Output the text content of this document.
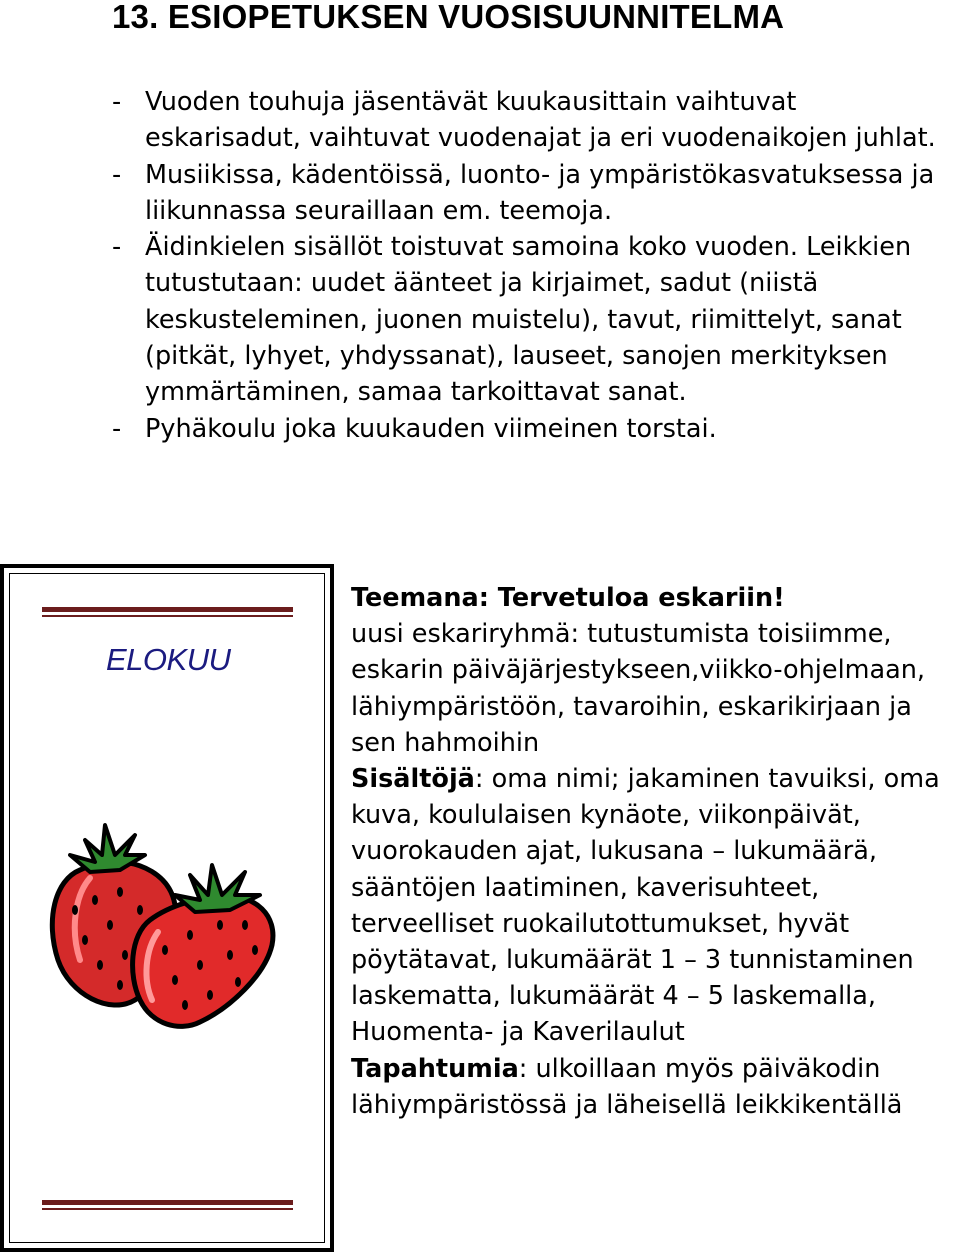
13. ESIOPETUKSEN VUOSISUUNNITELMA
- Vuoden touhuja jäsentävät kuukausittain vaihtuvat eskarisadut, vaihtuvat vuodenajat ja eri vuodenaikojen juhlat.
- Musiikissa, kädentöissä, luonto- ja ympäristökasvatuksessa ja liikunnassa seuraillaan em. teemoja.
- Äidinkielen sisällöt toistuvat samoina koko vuoden. Leikkien tutustutaan: uudet äänteet ja kirjaimet, sadut (niistä keskusteleminen, juonen muistelu), tavut, riimittelyt, sanat (pitkät, lyhyet, yhdyssanat), lauseet, sanojen merkityksen ymmärtäminen, samaa tarkoittavat sanat.
- Pyhäkoulu joka kuukauden viimeinen torstai.
ELOKUU
Teemana: Tervetuloa eskariin!
uusi eskariryhmä: tutustumista toisiimme,
eskarin päiväjärjestykseen,viikko-ohjelmaan,
lähiympäristöön, tavaroihin, eskarikirjaan ja
sen hahmoihin
Sisältöjä: oma nimi; jakaminen tavuiksi, oma
kuva, koululaisen kynäote, viikonpäivät,
vuorokauden ajat, lukusana – lukumäärä,
sääntöjen laatiminen, kaverisuhteet,
terveelliset ruokailutottumukset, hyvät
pöytätavat, lukumäärät 1 – 3 tunnistaminen
laskematta, lukumäärät 4 – 5 laskemalla,
Huomenta- ja Kaverilaulut
Tapahtumia: ulkoillaan myös päiväkodin
lähiympäristössä ja läheisellä leikkikentällä
